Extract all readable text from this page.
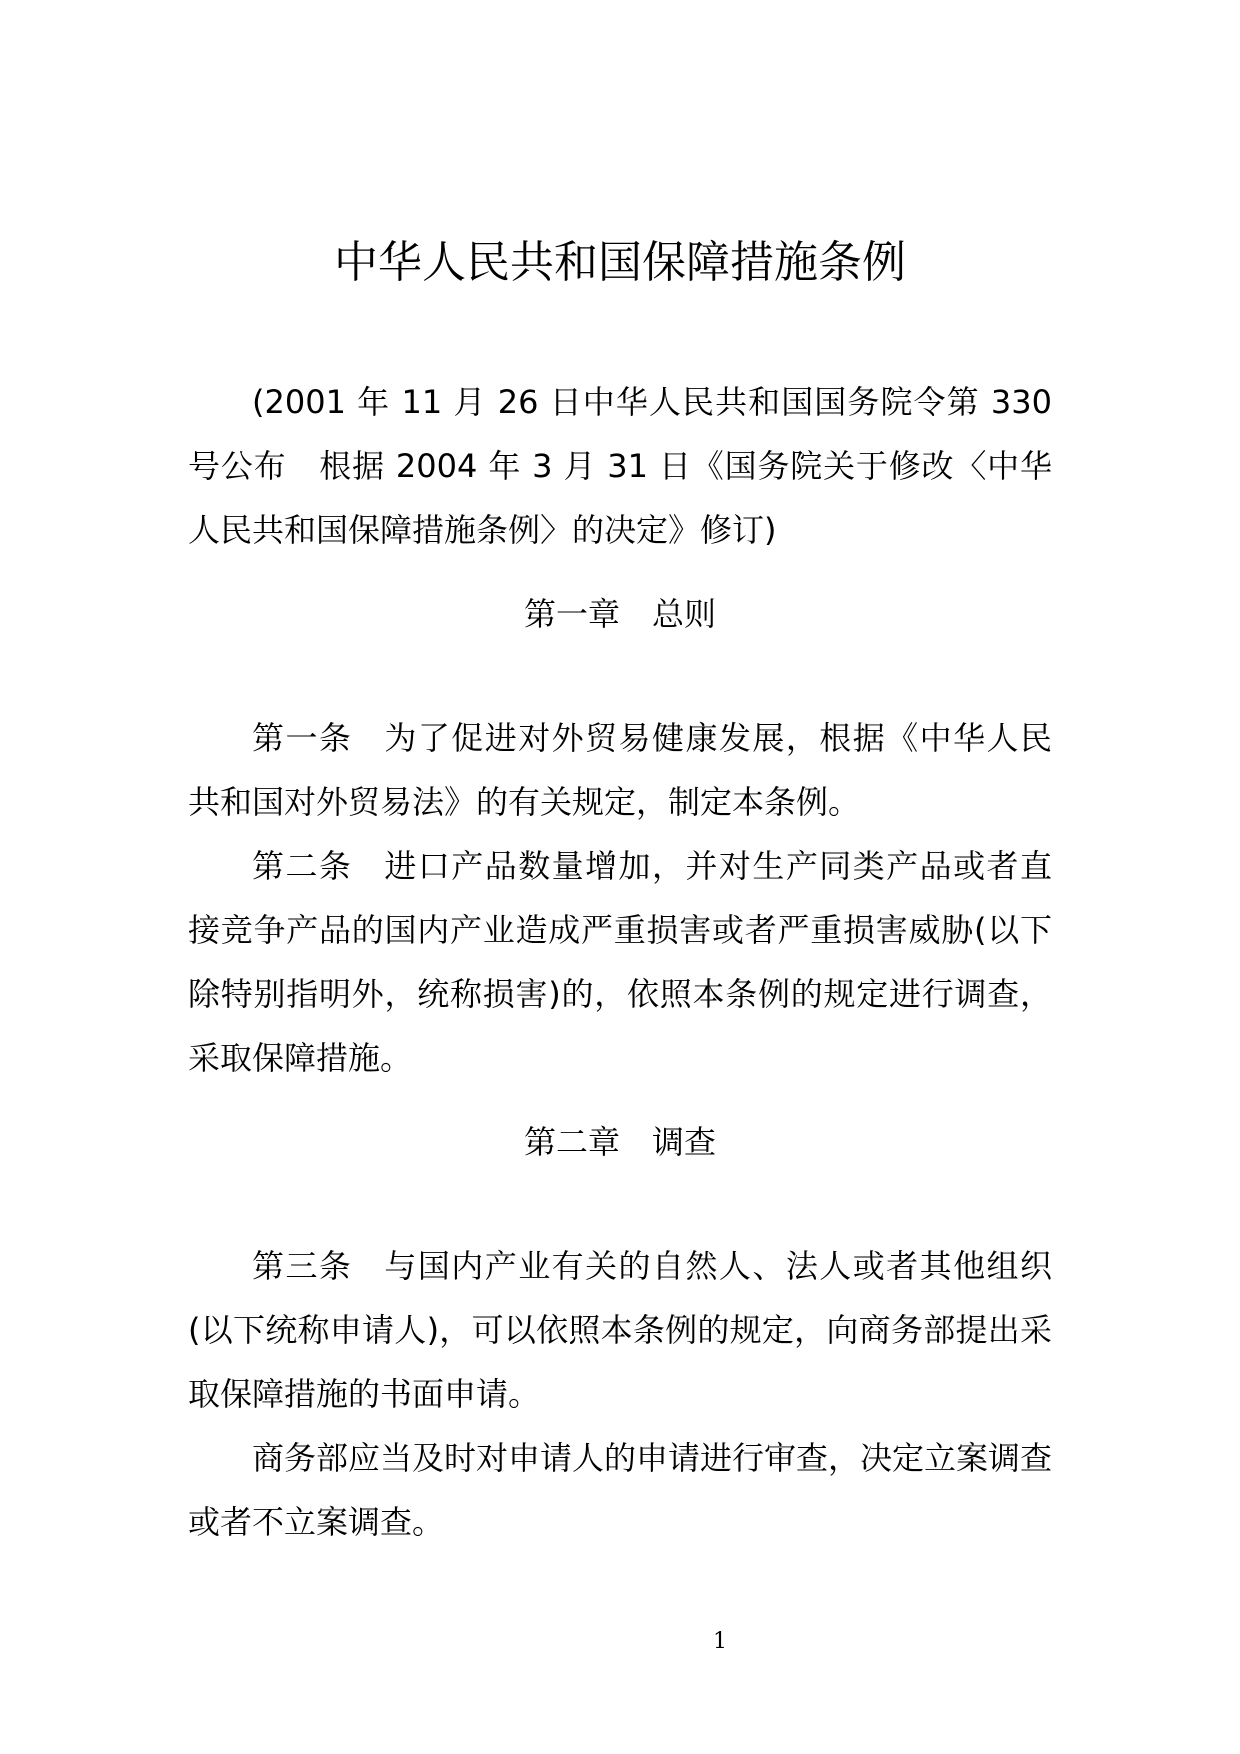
中华人民共和国保障措施条例

(2001 年 11 月 26 日中华人民共和国国务院令第 330 号公布　根据 2004 年 3 月 31 日《国务院关于修改〈中华人民共和国保障措施条例〉的决定》修订)

第一章　总则

第一条 为了促进对外贸易健康发展，根据《中华人民共和国对外贸易法》的有关规定，制定本条例。

第二条 进口产品数量增加，并对生产同类产品或者直接竞争产品的国内产业造成严重损害或者严重损害威胁(以下除特别指明外，统称损害)的，依照本条例的规定进行调查，采取保障措施。

第二章　调查

第三条 与国内产业有关的自然人、法人或者其他组织(以下统称申请人)，可以依照本条例的规定，向商务部提出采取保障措施的书面申请。

商务部应当及时对申请人的申请进行审查，决定立案调查或者不立案调查。

1
